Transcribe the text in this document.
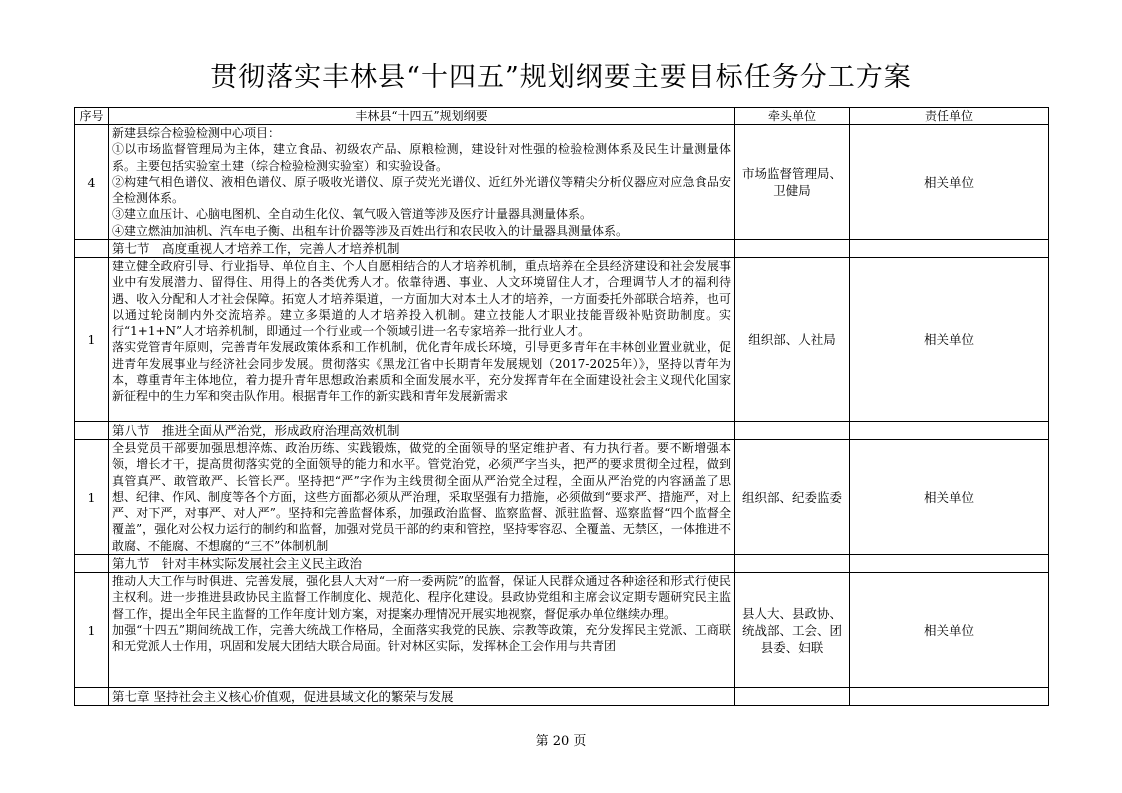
贯彻落实丰林县“十四五”规划纲要主要目标任务分工方案
序号	丰林县“十四五”规划纲要	牵头单位	责任单位
4	新建县综合检验检测中心项目：

①以市场监督管理局为主体，建立食品、初级农产品、原粮检测，建设针对性强的检验检测体系及民生计量测量体系。主要包括实验室土建（综合检验检测实验室）和实验设备。

②构建气相色谱仪、液相色谱仪、原子吸收光谱仪、原子荧光光谱仪、近红外光谱仪等精尖分析仪器应对应急食品安全检测体系。

③建立血压计、心脑电图机、全自动生化仪、氧气吸入管道等涉及医疗计量器具测量体系。

④建立燃油加油机、汽车电子衡、出租车计价器等涉及百姓出行和农民收入的计量器具测量体系。	市场监督管理局、卫健局	相关单位
	第七节　高度重视人才培养工作，完善人才培养机制		
1	建立健全政府引导、行业指导、单位自主、个人自愿相结合的人才培养机制，重点培养在全县经济建设和社会发展事业中有发展潜力、留得住、用得上的各类优秀人才。依靠待遇、事业、人文环境留住人才，合理调节人才的福利待遇、收入分配和人才社会保障。拓宽人才培养渠道，一方面加大对本土人才的培养，一方面委托外部联合培养，也可以通过轮岗制内外交流培养。建立多渠道的人才培养投入机制。建立技能人才职业技能晋级补贴资助制度。实行“1+1+N”人才培养机制，即通过一个行业或一个领域引进一名专家培养一批行业人才。

落实党管青年原则，完善青年发展政策体系和工作机制，优化青年成长环境，引导更多青年在丰林创业置业就业，促进青年发展事业与经济社会同步发展。贯彻落实《黑龙江省中长期青年发展规划（2017-2025年）》，坚持以青年为本，尊重青年主体地位，着力提升青年思想政治素质和全面发展水平，充分发挥青年在全面建设社会主义现代化国家新征程中的生力军和突击队作用。根据青年工作的新实践和青年发展新需求	组织部、人社局	相关单位
	第八节　推进全面从严治党，形成政府治理高效机制		
1	全县党员干部要加强思想淬炼、政治历练、实践锻炼，做党的全面领导的坚定维护者、有力执行者。要不断增强本领，增长才干，提高贯彻落实党的全面领导的能力和水平。管党治党，必须严字当头，把严的要求贯彻全过程，做到真管真严、敢管敢严、长管长严。坚持把“严”字作为主线贯彻全面从严治党全过程，全面从严治党的内容涵盖了思想、纪律、作风、制度等各个方面，这些方面都必须从严治理，采取坚强有力措施，必须做到“要求严、措施严，对上严、对下严，对事严、对人严”。坚持和完善监督体系，加强政治监督、监察监督、派驻监督、巡察监督“四个监督全覆盖”，强化对公权力运行的制约和监督，加强对党员干部的约束和管控，坚持零容忍、全覆盖、无禁区，一体推进不敢腐、不能腐、不想腐的“三不”体制机制	组织部、纪委监委	相关单位
	第九节　针对丰林实际发展社会主义民主政治		
1	推动人大工作与时俱进、完善发展，强化县人大对“一府一委两院”的监督，保证人民群众通过各种途径和形式行使民主权利。进一步推进县政协民主监督工作制度化、规范化、程序化建设。县政协党组和主席会议定期专题研究民主监督工作，提出全年民主监督的工作年度计划方案，对提案办理情况开展实地视察，督促承办单位继续办理。

加强“十四五”期间统战工作，完善大统战工作格局，全面落实我党的民族、宗教等政策，充分发挥民主党派、工商联和无党派人士作用，巩固和发展大团结大联合局面。针对林区实际，发挥林企工会作用与共青团	县人大、县政协、统战部、工会、团县委、妇联	相关单位
	第七章 坚持社会主义核心价值观，促进县域文化的繁荣与发展		
第 20 页
